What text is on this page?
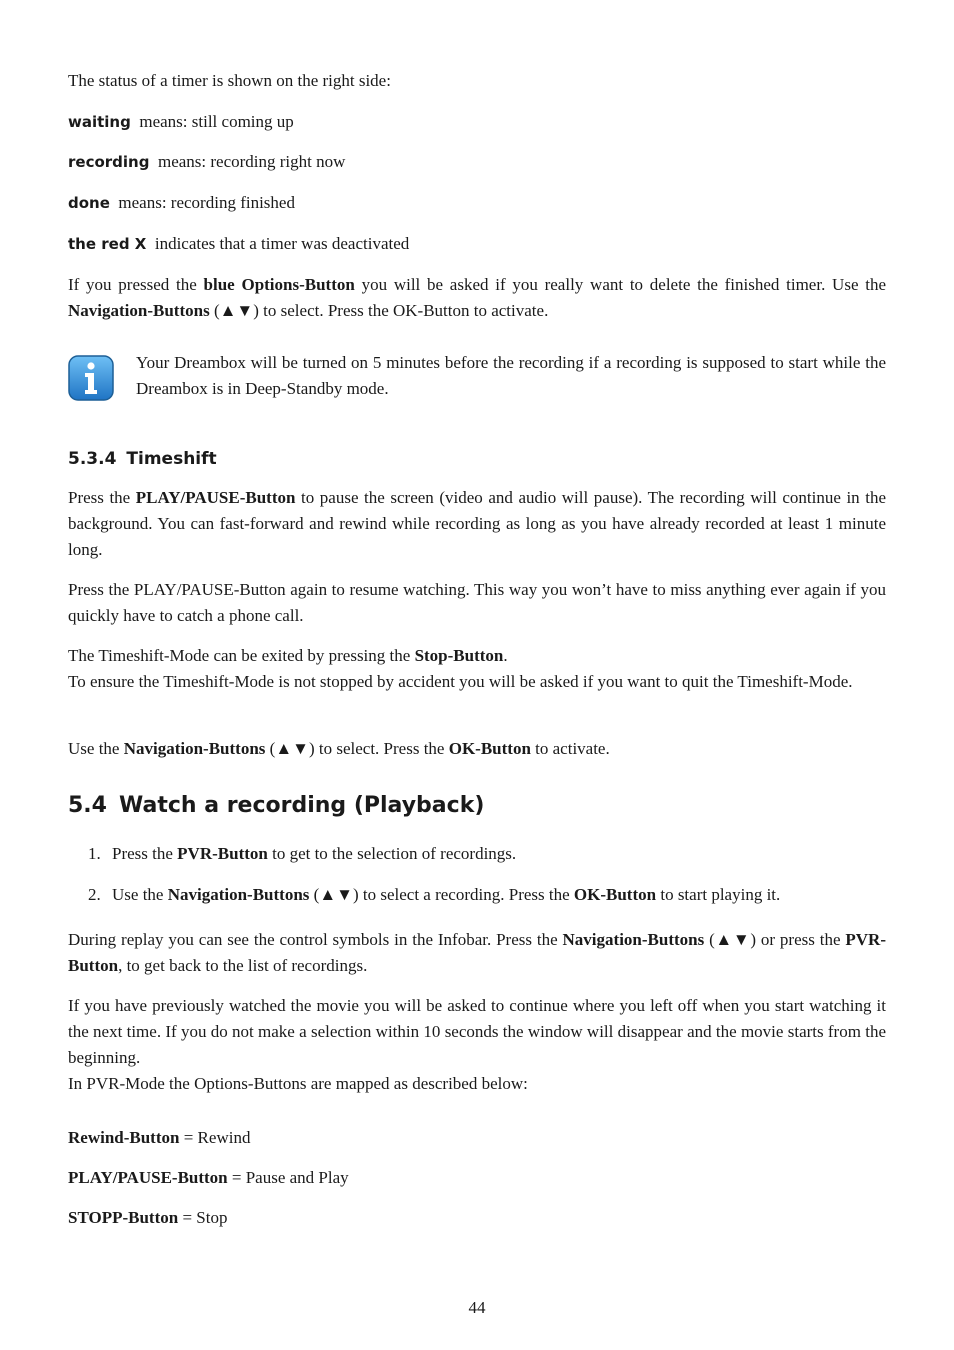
The status of a timer is shown on the right side:
waiting means: still coming up
recording means: recording right now
done means: recording finished
the red X indicates that a timer was deactivated
If you pressed the blue Options-Button you will be asked if you really want to delete the finished timer. Use the Navigation-Buttons (▲▼) to select. Press the OK-Button to activate.
Your Dreambox will be turned on 5 minutes before the recording if a recording is supposed to start while the Dreambox is in Deep-Standby mode.
5.3.4 Timeshift
Press the PLAY/PAUSE-Button to pause the screen (video and audio will pause). The recording will continue in the background. You can fast-forward and rewind while recording as long as you have already recorded at least 1 minute long.
Press the PLAY/PAUSE-Button again to resume watching. This way you won’t have to miss anything ever again if you quickly have to catch a phone call.
The Timeshift-Mode can be exited by pressing the Stop-Button.
To ensure the Timeshift-Mode is not stopped by accident you will be asked if you want to quit the Timeshift-Mode.
Use the Navigation-Buttons (▲▼) to select. Press the OK-Button to activate.
5.4 Watch a recording (Playback)
1. Press the PVR-Button to get to the selection of recordings.
2. Use the Navigation-Buttons (▲▼) to select a recording. Press the OK-Button to start playing it.
During replay you can see the control symbols in the Infobar. Press the Navigation-Buttons (▲▼) or press the PVR-Button, to get back to the list of recordings.
If you have previously watched the movie you will be asked to continue where you left off when you start watching it the next time. If you do not make a selection within 10 seconds the window will disappear and the movie starts from the beginning.
In PVR-Mode the Options-Buttons are mapped as described below:
Rewind-Button = Rewind
PLAY/PAUSE-Button = Pause and Play
STOPP-Button = Stop
44
